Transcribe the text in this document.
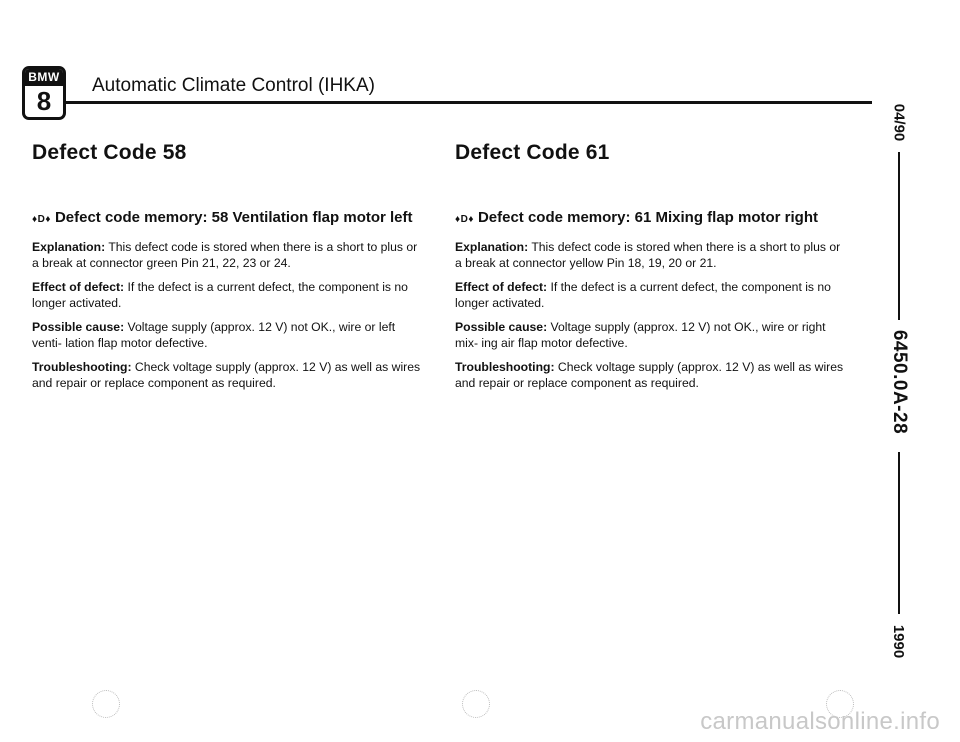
BMW
8
Automatic Climate Control (IHKA)
04/90
6450.0A-28
1990
Defect Code 58
♦D♦ Defect code memory: 58 Ventilation flap motor left
Explanation: This defect code is stored when there is a short to plus or a break at connector green Pin 21, 22, 23 or 24.
Effect of defect: If the defect is a current defect, the component is no longer activated.
Possible cause: Voltage supply (approx. 12 V) not OK., wire or left venti- lation flap motor defective.
Troubleshooting: Check voltage supply (approx. 12 V) as well as wires and repair or replace component as required.
Defect Code 61
♦D♦ Defect code memory: 61 Mixing flap motor right
Explanation: This defect code is stored when there is a short to plus or a break at connector yellow Pin 18, 19, 20 or 21.
Effect of defect: If the defect is a current defect, the component is no longer activated.
Possible cause: Voltage supply (approx. 12 V) not OK., wire or right mix- ing air flap motor defective.
Troubleshooting: Check voltage supply (approx. 12 V) as well as wires and repair or replace component as required.
carmanualsonline.info
